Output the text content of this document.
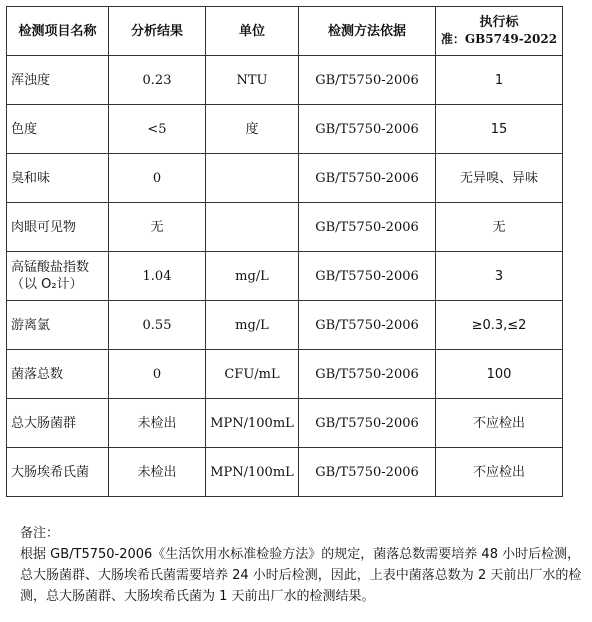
检测项目名称	分析结果	单位	检测方法依据	执行标
准：GB5749-2022

浑浊度	0.23	NTU	GB/T5750-2006	1
色度	<5	度	GB/T5750-2006	15
臭和味	0		GB/T5750-2006	无异嗅、异味
肉眼可见物	无		GB/T5750-2006	无

高锰酸盐指数
（以 O₂计）	1.04	mg/L	GB/T5750-2006	3
游离氯	0.55	mg/L	GB/T5750-2006	≥0.3,≤2
菌落总数	0	CFU/mL	GB/T5750-2006	100
总大肠菌群	未检出	MPN/100mL	GB/T5750-2006	不应检出
大肠埃希氏菌	未检出	MPN/100mL	GB/T5750-2006	不应检出

备注：

根据 GB/T5750-2006《生活饮用水标准检验方法》的规定，菌落总数需要培养 48 小时后检测，总大肠菌群、大肠埃希氏菌需要培养 24 小时后检测，因此，上表中菌落总数为 2 天前出厂水的检测，总大肠菌群、大肠埃希氏菌为 1 天前出厂水的检测结果。
